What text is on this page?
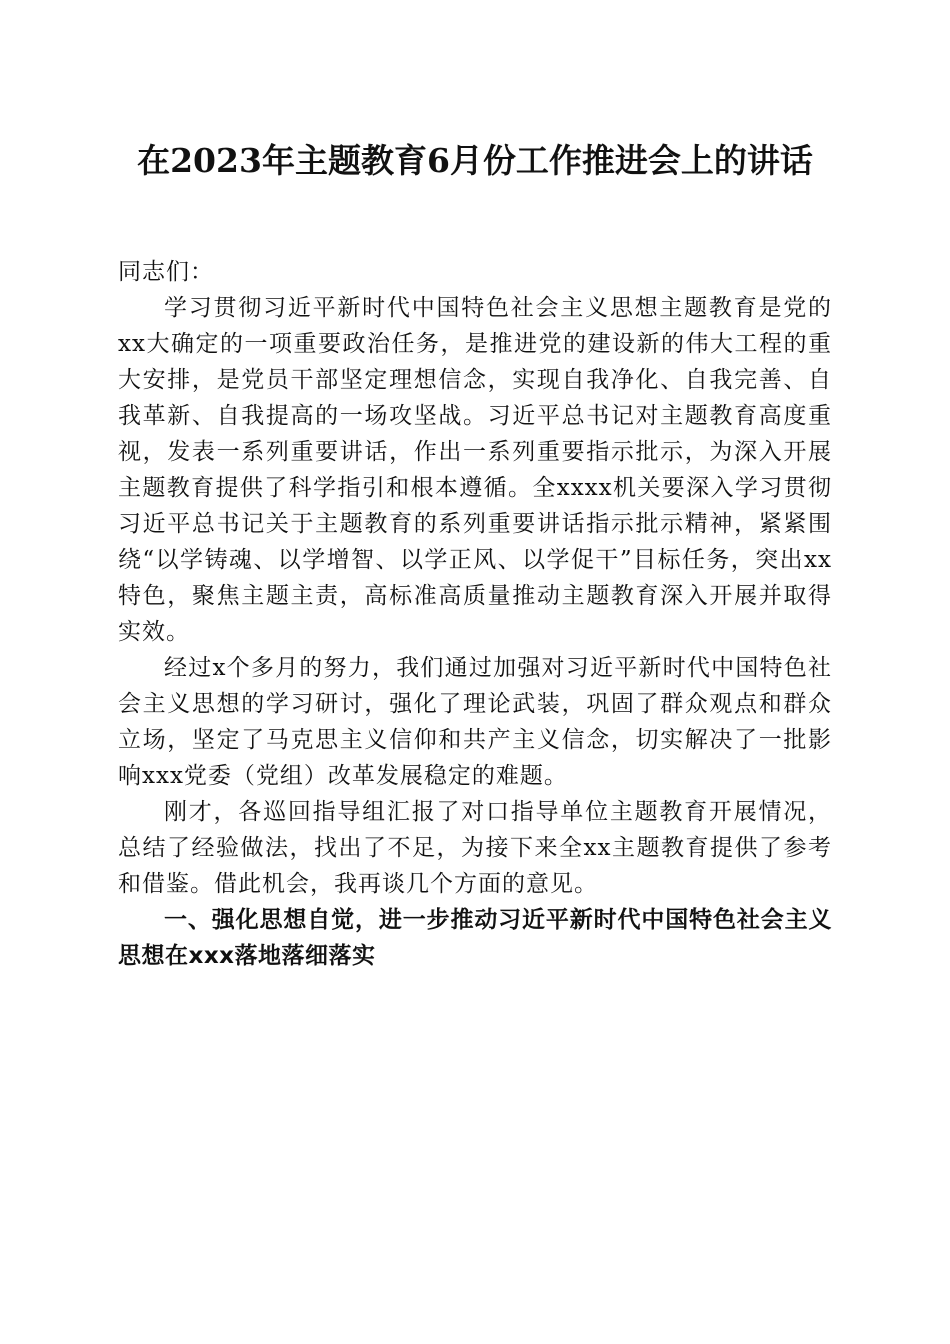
在2023年主题教育6月份工作推进会上的讲话

同志们：

学习贯彻习近平新时代中国特色社会主义思想主题教育是党的xx大确定的一项重要政治任务，是推进党的建设新的伟大工程的重大安排，是党员干部坚定理想信念，实现自我净化、自我完善、自我革新、自我提高的一场攻坚战。习近平总书记对主题教育高度重视，发表一系列重要讲话，作出一系列重要指示批示，为深入开展主题教育提供了科学指引和根本遵循。全xxxx机关要深入学习贯彻习近平总书记关于主题教育的系列重要讲话指示批示精神，紧紧围绕“以学铸魂、以学增智、以学正风、以学促干”目标任务，突出xx特色，聚焦主题主责，高标准高质量推动主题教育深入开展并取得实效。

经过x个多月的努力，我们通过加强对习近平新时代中国特色社会主义思想的学习研讨，强化了理论武装，巩固了群众观点和群众立场，坚定了马克思主义信仰和共产主义信念，切实解决了一批影响xxx党委（党组）改革发展稳定的难题。

刚才，各巡回指导组汇报了对口指导单位主题教育开展情况，总结了经验做法，找出了不足，为接下来全xx主题教育提供了参考和借鉴。借此机会，我再谈几个方面的意见。

一、强化思想自觉，进一步推动习近平新时代中国特色社会主义思想在xxx落地落细落实
